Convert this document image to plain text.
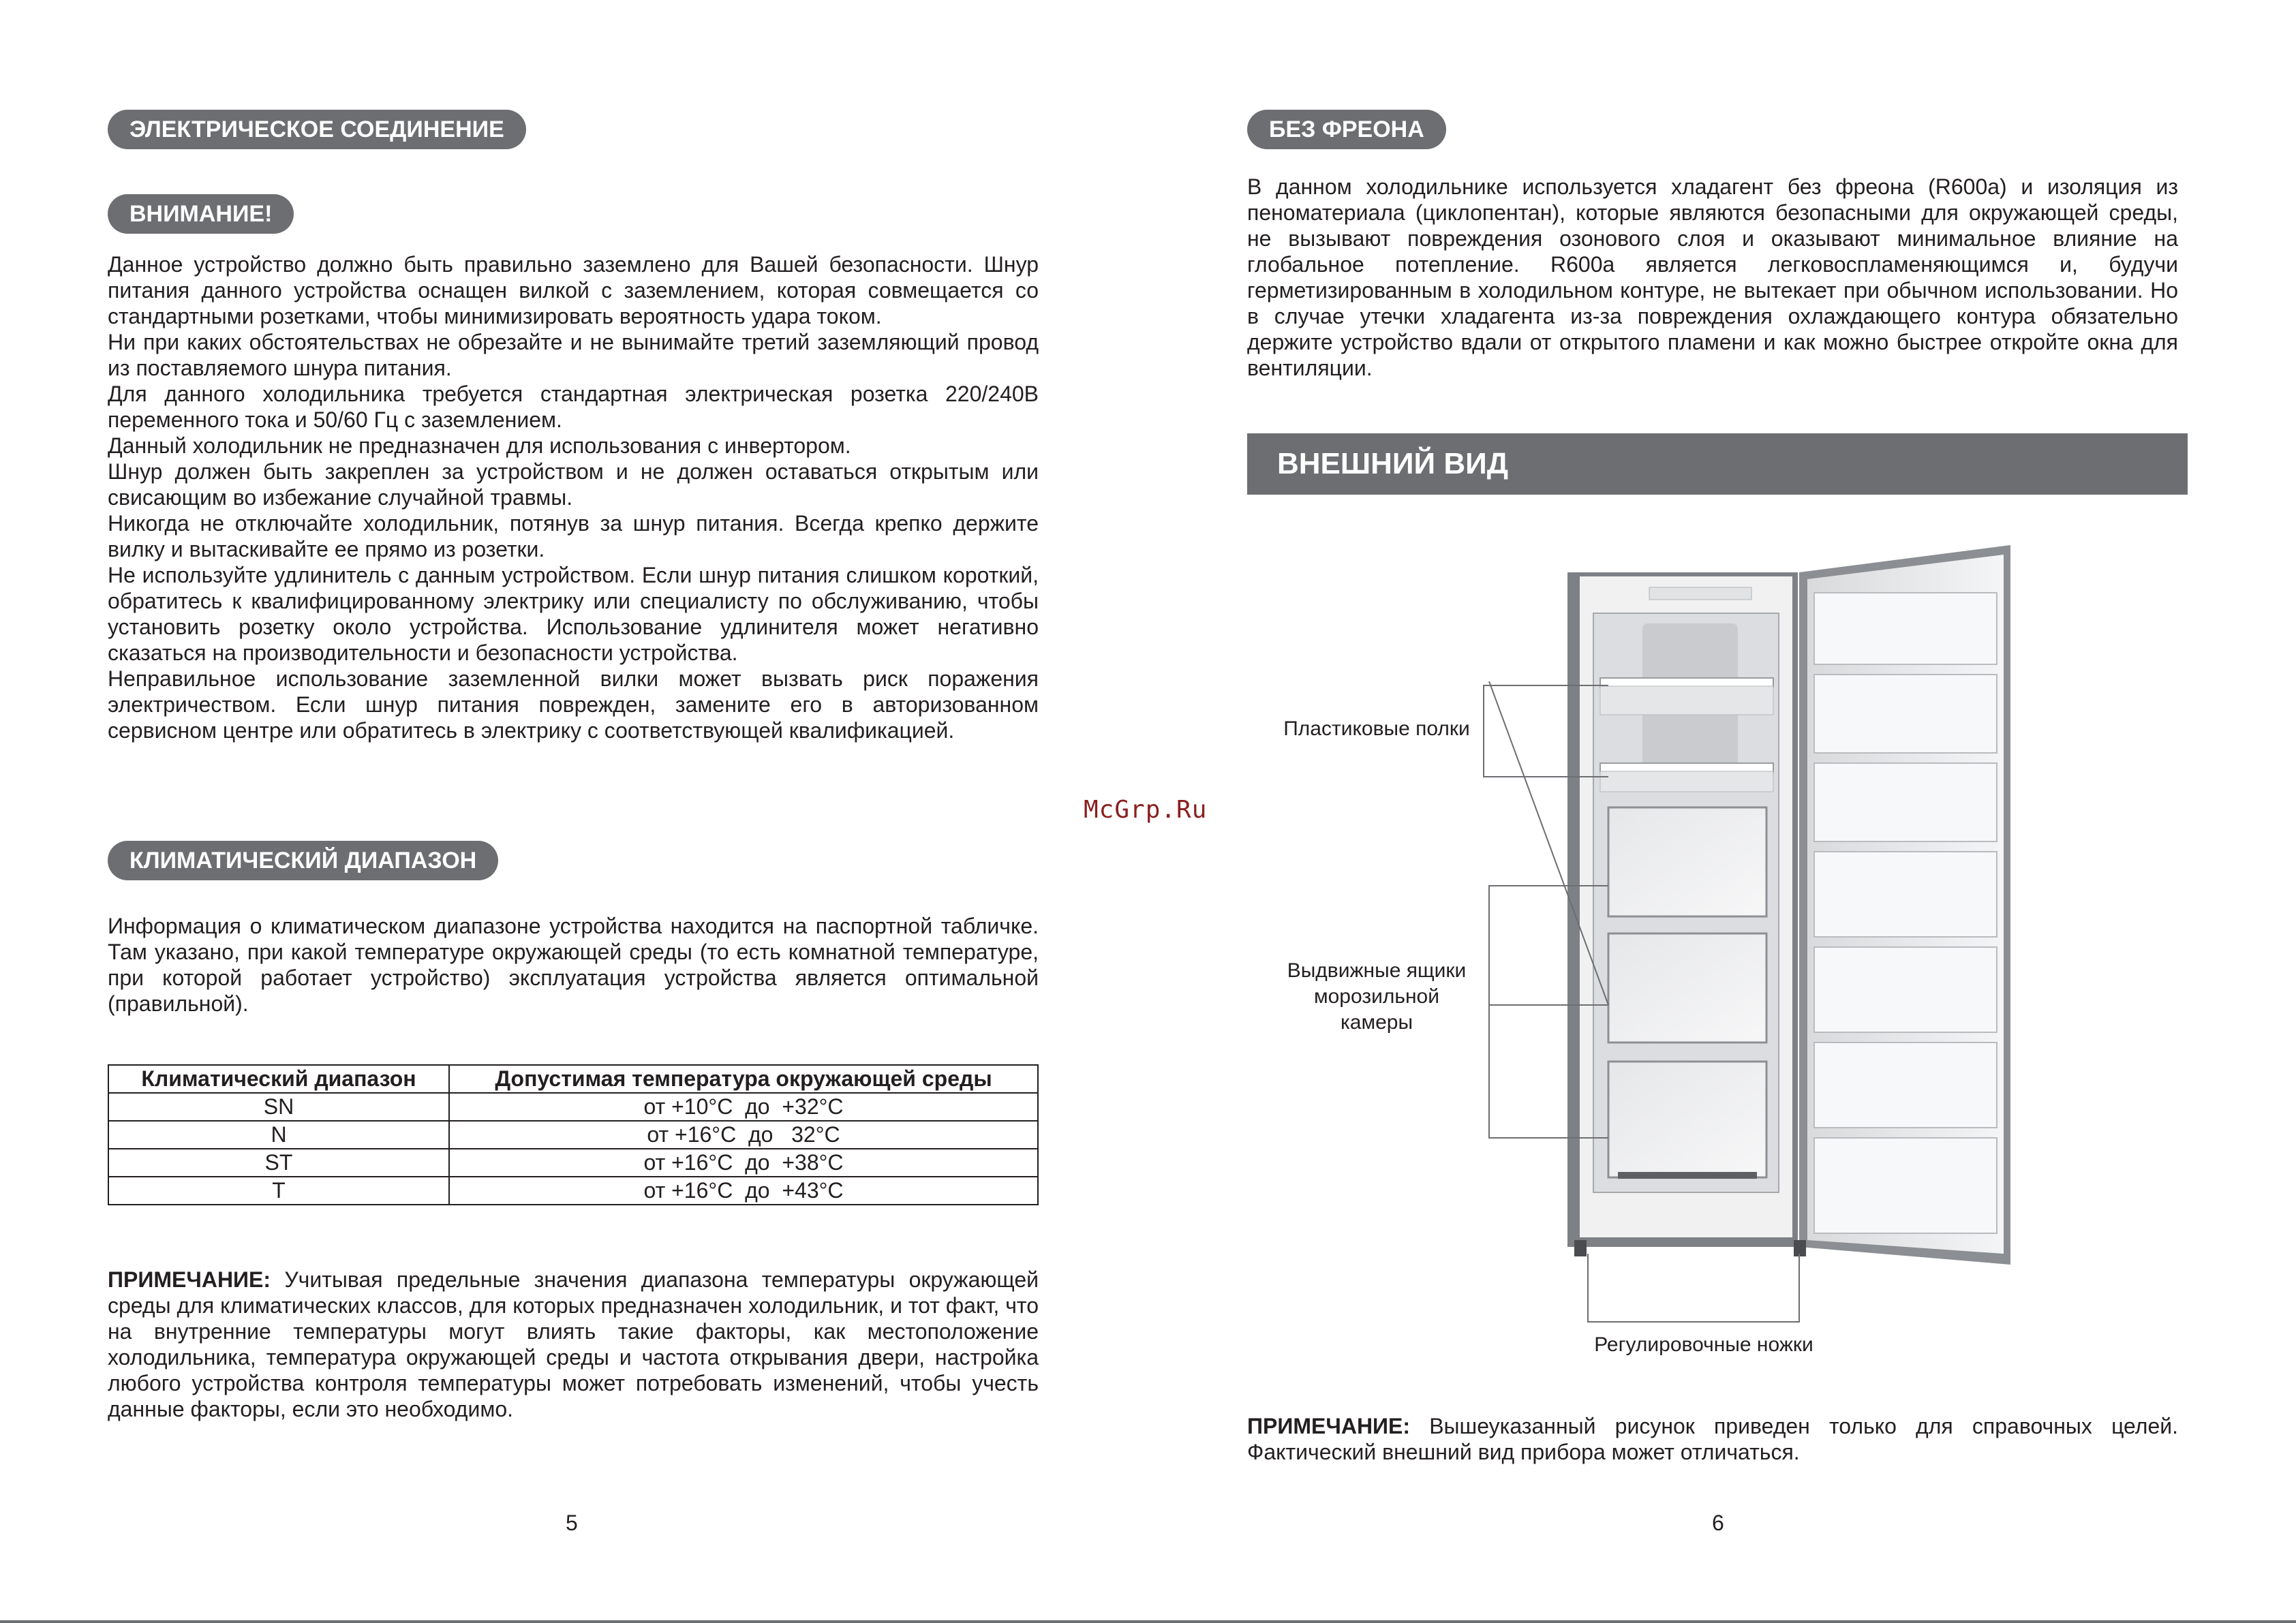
ЭЛЕКТРИЧЕСКОЕ СОЕДИНЕНИЕ
ВНИМАНИЕ!

Данное устройство должно быть правильно заземлено для Вашей безопасности. Шнур питания данного устройства оснащен вилкой с заземлением, которая совмещается со стандартными розетками, чтобы минимизировать вероятность удара током.

Ни при каких обстоятельствах не обрезайте и не вынимайте третий заземляющий провод из поставляемого шнура питания.

Для данного холодильника требуется стандартная электрическая розетка 220/240В переменного тока и 50/60 Гц с заземлением.

Данный холодильник не предназначен для использования с инвертором.

Шнур должен быть закреплен за устройством и не должен оставаться открытым или свисающим во избежание случайной травмы.

Никогда не отключайте холодильник, потянув за шнур питания. Всегда крепко держите вилку и вытаскивайте ее прямо из розетки.

Не используйте удлинитель с данным устройством. Если шнур питания слишком короткий, обратитесь к квалифицированному электрику или специалисту по обслуживанию, чтобы установить розетку около устройства. Использование удлинителя может негативно сказаться на производительности и безопасности устройства.

Неправильное использование заземленной вилки может вызвать риск поражения электричеством. Если шнур питания поврежден, замените его в авторизованном сервисном центре или обратитесь в электрику с соответствующей квалификацией.

КЛИМАТИЧЕСКИЙ ДИАПАЗОН

Информация о климатическом диапазоне устройства находится на паспортной табличке. Там указано, при какой температуре окружающей среды (то есть комнатной температуре, при которой работает устройство) эксплуатация устройства является оптимальной (правильной).

Климатический диапазон	Допустимая температура окружающей среды
SN	от +10°C  до  +32°C
N	от +16°C  до   32°C
ST	от +16°C  до  +38°C
T	от +16°C  до  +43°C

ПРИМЕЧАНИЕ: Учитывая предельные значения диапазона температуры окружающей среды для климатических классов, для которых предназначен холодильник, и тот факт, что на внутренние температуры могут влиять такие факторы, как местоположение холодильника, температура окружающей среды и частота открывания двери, настройка любого устройства контроля температуры может потребовать изменений, чтобы учесть данные факторы, если это необходимо.

5
McGrp.Ru
БЕЗ ФРЕОНА

В данном холодильнике используется хладагент без фреона (R600a) и изоляция из пеноматериала (циклопентан), которые являются безопасными для окружающей среды, не вызывают повреждения озонового слоя и оказывают минимальное влияние на глобальное потепление. R600a является легковоспламеняющимся и, будучи герметизированным в холодильном контуре, не вытекает при обычном использовании. Но в случае утечки хладагента из-за повреждения охлаждающего контура обязательно держите устройство вдали от открытого пламени и как можно быстрее откройте окна для вентиляции.

ВНЕШНИЙ ВИД
Пластиковые полки
Выдвижные ящики
морозильной
камеры
Регулировочные ножки

ПРИМЕЧАНИЕ: Вышеуказанный рисунок приведен только для справочных целей. Фактический внешний вид прибора может отличаться.

6
